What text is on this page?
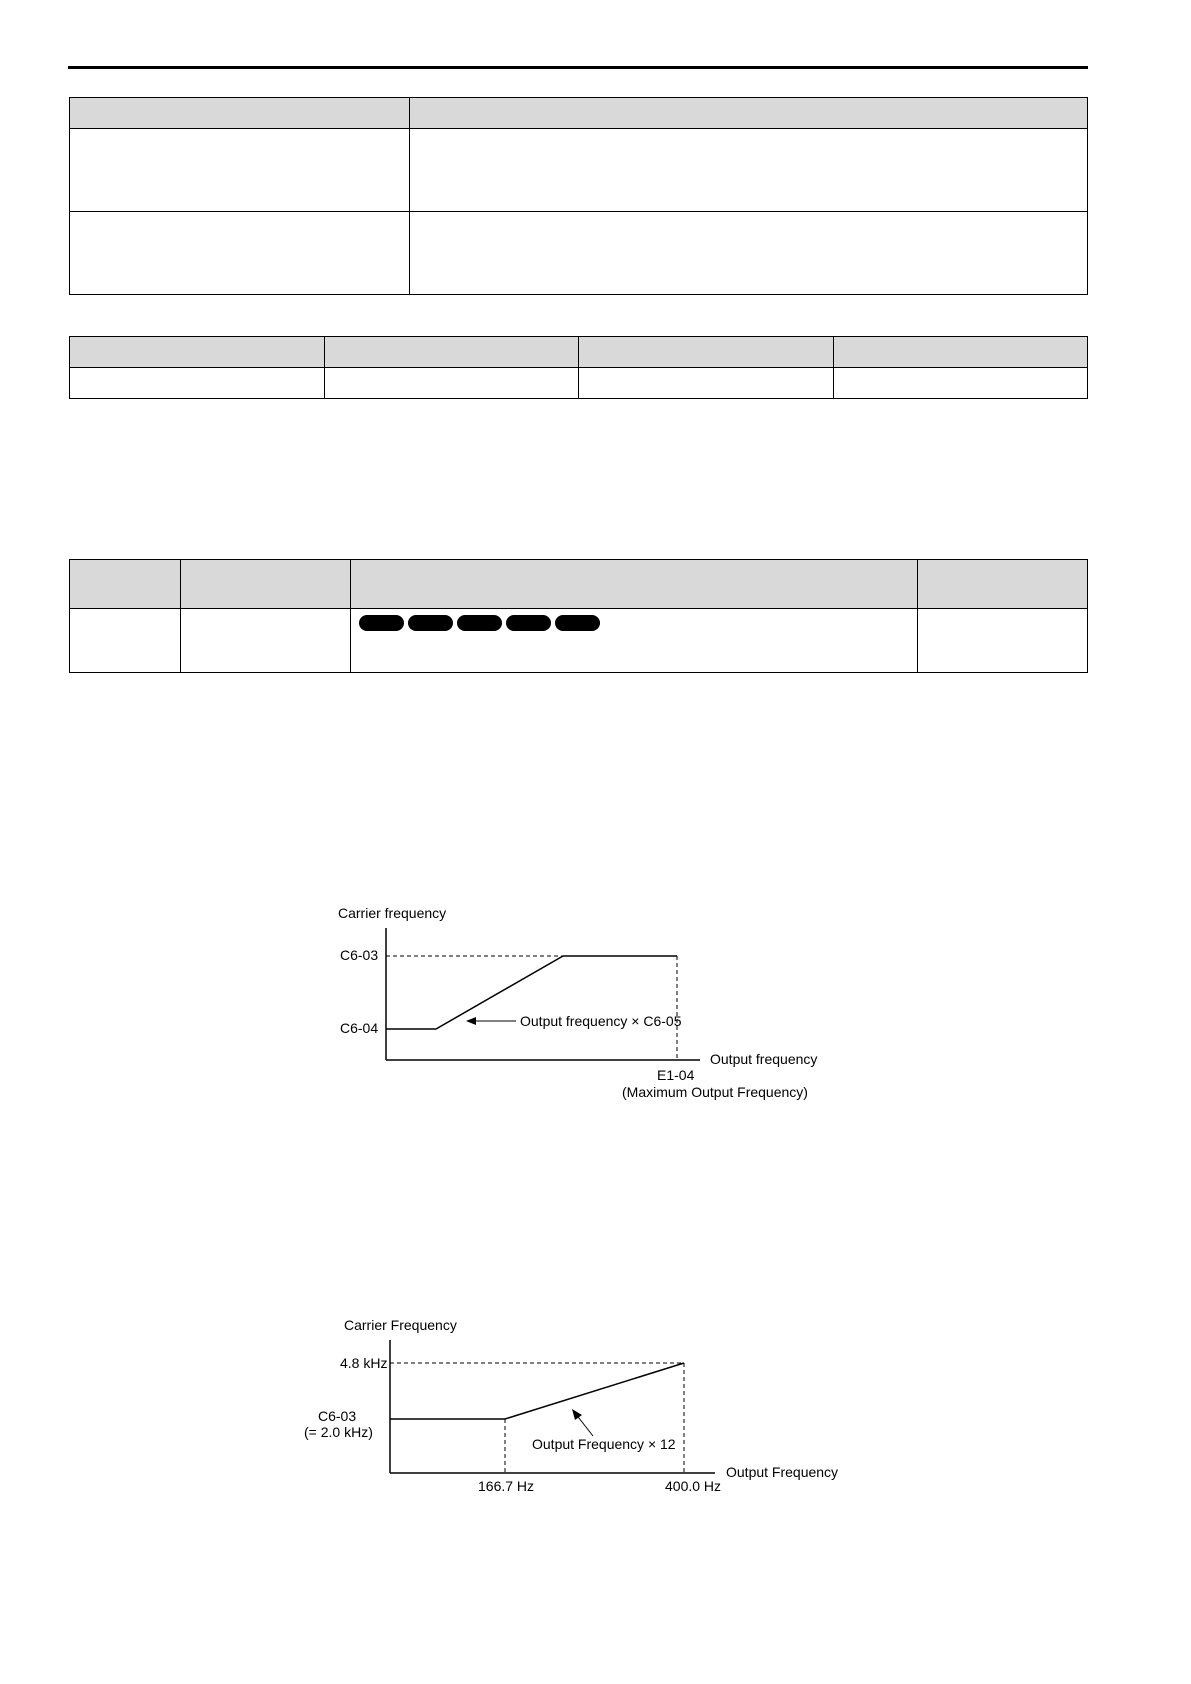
Carrier frequency
Output frequency
C6-03
C6-04	Output frequency × C6-05
E1-04
(Maximum Output Frequency)
Carrier Frequency
Output Frequency
4.8 kHz
C6-03
(= 2.0 kHz)
Output Frequency × 12
166.7 Hz	400.0 Hz
